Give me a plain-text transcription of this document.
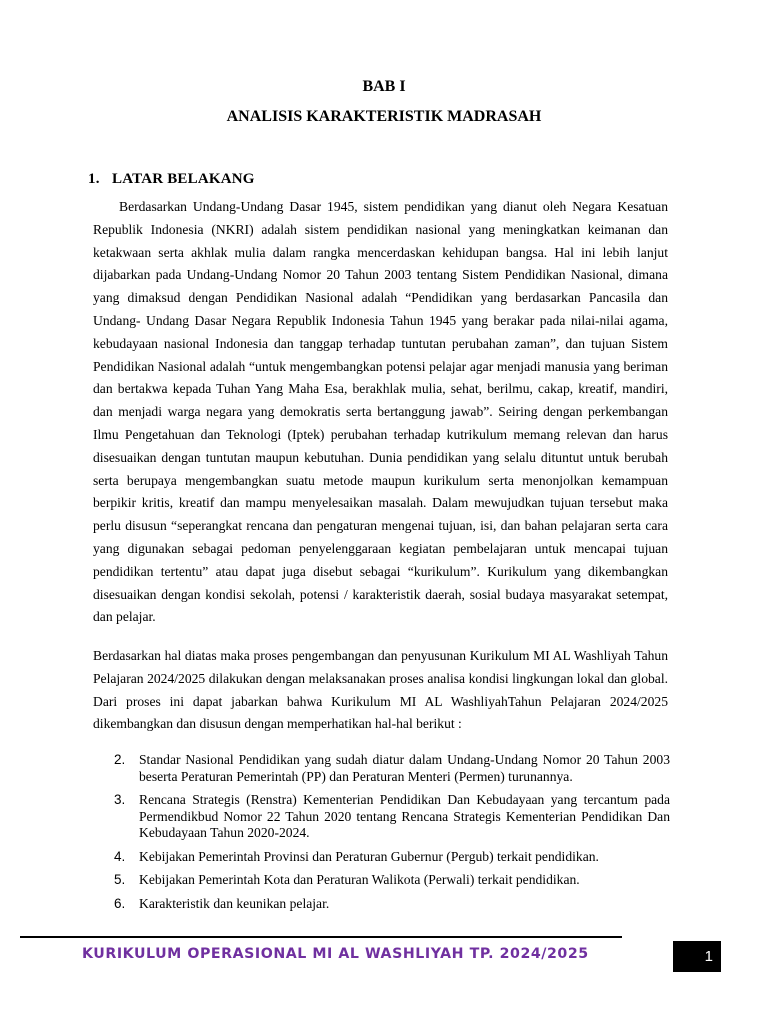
BAB I
ANALISIS KARAKTERISTIK MADRASAH
1. LATAR BELAKANG

Berdasarkan Undang-Undang Dasar 1945, sistem pendidikan yang dianut oleh Negara Kesatuan Republik Indonesia (NKRI) adalah sistem pendidikan nasional yang meningkatkan keimanan dan ketakwaan serta akhlak mulia dalam rangka mencerdaskan kehidupan bangsa. Hal ini lebih lanjut dijabarkan pada Undang-Undang Nomor 20 Tahun 2003 tentang Sistem Pendidikan Nasional, dimana yang dimaksud dengan Pendidikan Nasional adalah “Pendidikan yang berdasarkan Pancasila dan Undang- Undang Dasar Negara Republik Indonesia Tahun 1945 yang berakar pada nilai-nilai agama, kebudayaan nasional Indonesia dan tanggap terhadap tuntutan perubahan zaman”, dan tujuan Sistem Pendidikan Nasional adalah “untuk mengembangkan potensi pelajar agar menjadi manusia yang beriman dan bertakwa kepada Tuhan Yang Maha Esa, berakhlak mulia, sehat, berilmu, cakap, kreatif, mandiri, dan menjadi warga negara yang demokratis serta bertanggung jawab”. Seiring dengan perkembangan Ilmu Pengetahuan dan Teknologi (Iptek) perubahan terhadap kutrikulum memang relevan dan harus disesuaikan dengan tuntutan maupun kebutuhan. Dunia pendidikan yang selalu dituntut untuk berubah serta berupaya mengembangkan suatu metode maupun kurikulum serta menonjolkan kemampuan berpikir kritis, kreatif dan mampu menyelesaikan masalah. Dalam mewujudkan tujuan tersebut maka perlu disusun “seperangkat rencana dan pengaturan mengenai tujuan, isi, dan bahan pelajaran serta cara yang digunakan sebagai pedoman penyelenggaraan kegiatan pembelajaran untuk mencapai tujuan pendidikan tertentu” atau dapat juga disebut sebagai “kurikulum”. Kurikulum yang dikembangkan disesuaikan dengan kondisi sekolah, potensi / karakteristik daerah, sosial budaya masyarakat setempat, dan pelajar.

Berdasarkan hal diatas maka proses pengembangan dan penyusunan Kurikulum MI AL Washliyah Tahun Pelajaran 2024/2025 dilakukan dengan melaksanakan proses analisa kondisi lingkungan lokal dan global. Dari proses ini dapat jabarkan bahwa Kurikulum MI AL WashliyahTahun Pelajaran 2024/2025 dikembangkan dan disusun dengan memperhatikan hal-hal berikut :

2.	Standar Nasional Pendidikan yang sudah diatur dalam Undang-Undang Nomor 20 Tahun 2003 beserta Peraturan Pemerintah (PP) dan Peraturan Menteri (Permen) turunannya.
3.	Rencana Strategis (Renstra) Kementerian Pendidikan Dan Kebudayaan yang tercantum pada Permendikbud Nomor 22 Tahun 2020 tentang Rencana Strategis Kementerian Pendidikan Dan Kebudayaan Tahun 2020-2024.
4.	Kebijakan Pemerintah Provinsi dan Peraturan Gubernur (Pergub) terkait pendidikan.
5.	Kebijakan Pemerintah Kota dan Peraturan Walikota (Perwali) terkait pendidikan.
6.	Karakteristik dan keunikan pelajar.
KURIKULUM OPERASIONAL MI AL WASHLIYAH TP. 2024/2025	1
